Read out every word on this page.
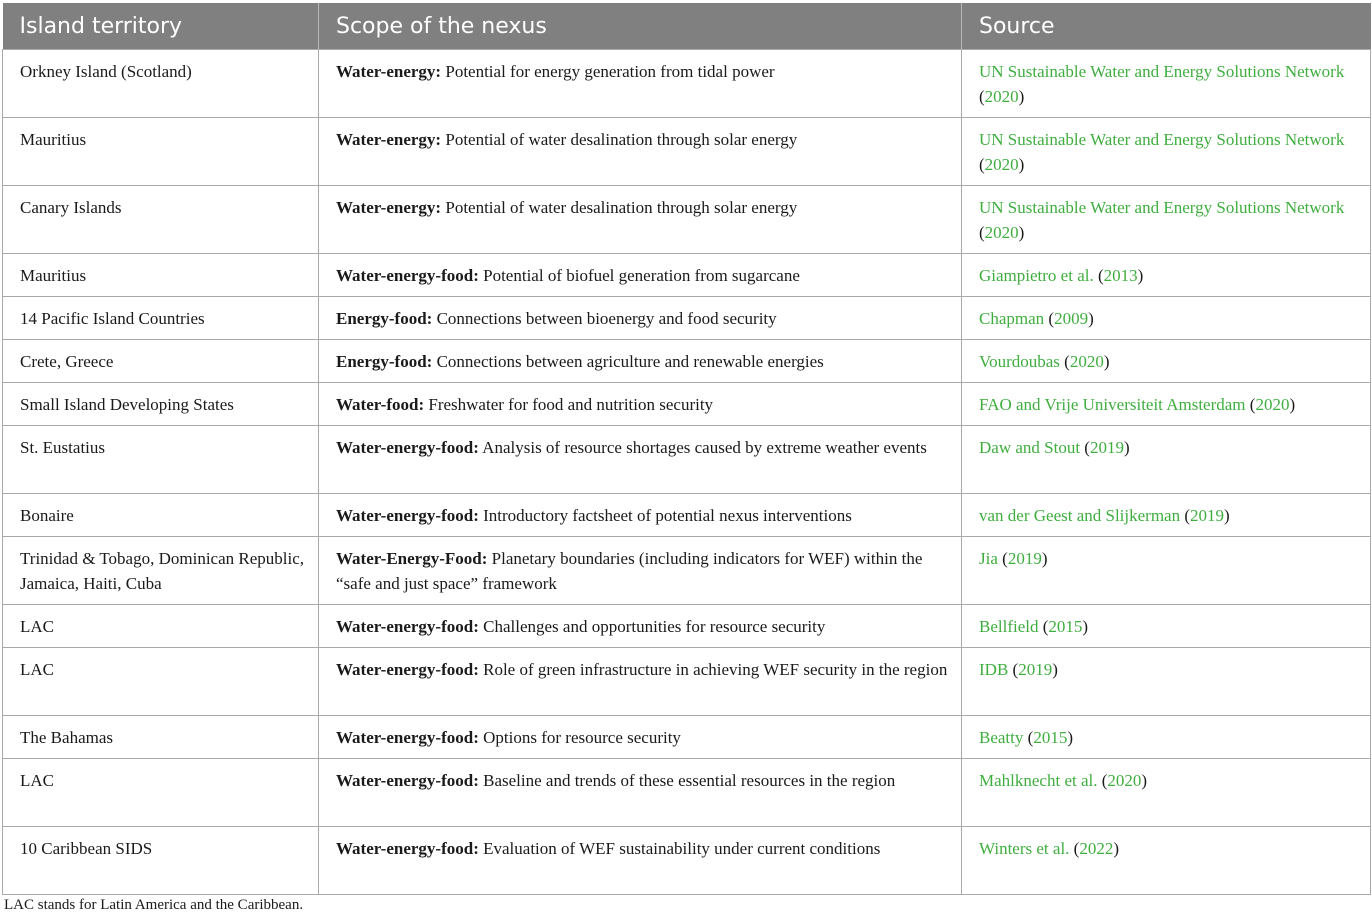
Island territory	Scope of the nexus	Source
Orkney Island (Scotland)	Water-energy: Potential for energy generation from tidal power	UN Sustainable Water and Energy Solutions Network (2020)
Mauritius	Water-energy: Potential of water desalination through solar energy	UN Sustainable Water and Energy Solutions Network (2020)
Canary Islands	Water-energy: Potential of water desalination through solar energy	UN Sustainable Water and Energy Solutions Network (2020)
Mauritius	Water-energy-food: Potential of biofuel generation from sugarcane	Giampietro et al. (2013)
14 Pacific Island Countries	Energy-food: Connections between bioenergy and food security	Chapman (2009)
Crete, Greece	Energy-food: Connections between agriculture and renewable energies	Vourdoubas (2020)
Small Island Developing States	Water-food: Freshwater for food and nutrition security	FAO and Vrije Universiteit Amsterdam (2020)
St. Eustatius	Water-energy-food: Analysis of resource shortages caused by extreme weather events	Daw and Stout (2019)
Bonaire	Water-energy-food: Introductory factsheet of potential nexus interventions	van der Geest and Slijkerman (2019)
Trinidad & Tobago, Dominican Republic, Jamaica, Haiti, Cuba	Water-Energy-Food: Planetary boundaries (including indicators for WEF) within the “safe and just space” framework	Jia (2019)
LAC	Water-energy-food: Challenges and opportunities for resource security	Bellfield (2015)
LAC	Water-energy-food: Role of green infrastructure in achieving WEF security in the region	IDB (2019)
The Bahamas	Water-energy-food: Options for resource security	Beatty (2015)
LAC	Water-energy-food: Baseline and trends of these essential resources in the region	Mahlknecht et al. (2020)
10 Caribbean SIDS	Water-energy-food: Evaluation of WEF sustainability under current conditions	Winters et al. (2022)

LAC stands for Latin America and the Caribbean.
